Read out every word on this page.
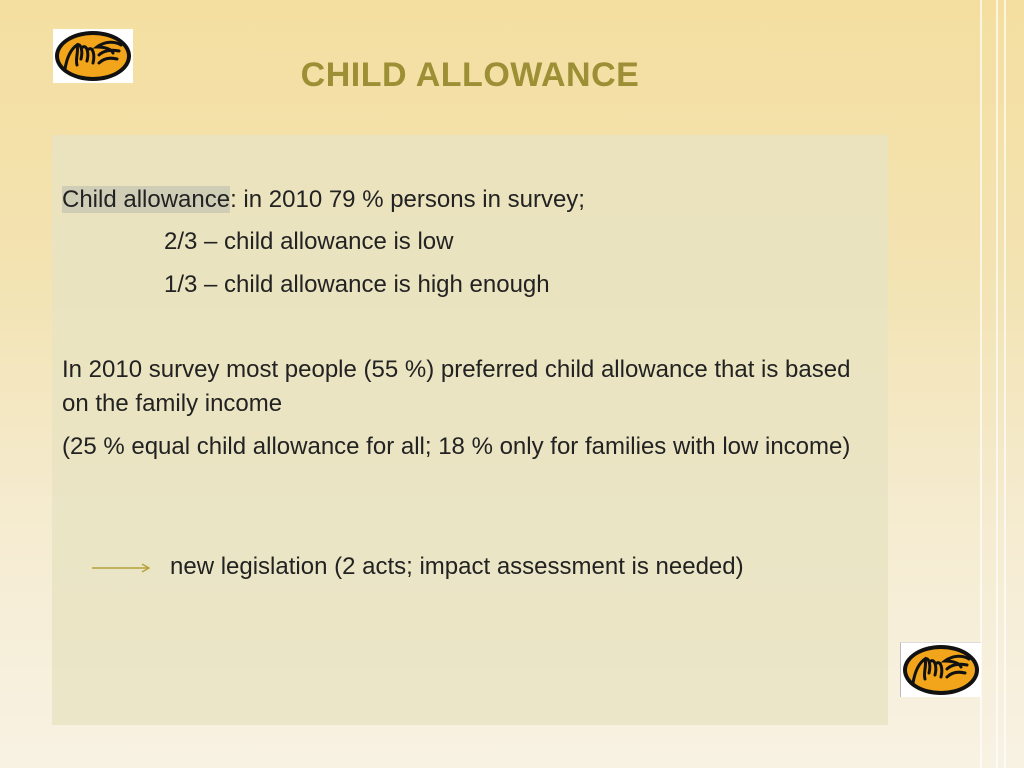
CHILD ALLOWANCE
Child allowance: in 2010 79 % persons in survey;
2/3 – child allowance is low
1/3 – child allowance is high enough
In 2010 survey most people (55 %) preferred child allowance that is based on the family income
(25 % equal child allowance for all; 18 % only for families with low income)
new legislation (2 acts; impact assessment is needed)
